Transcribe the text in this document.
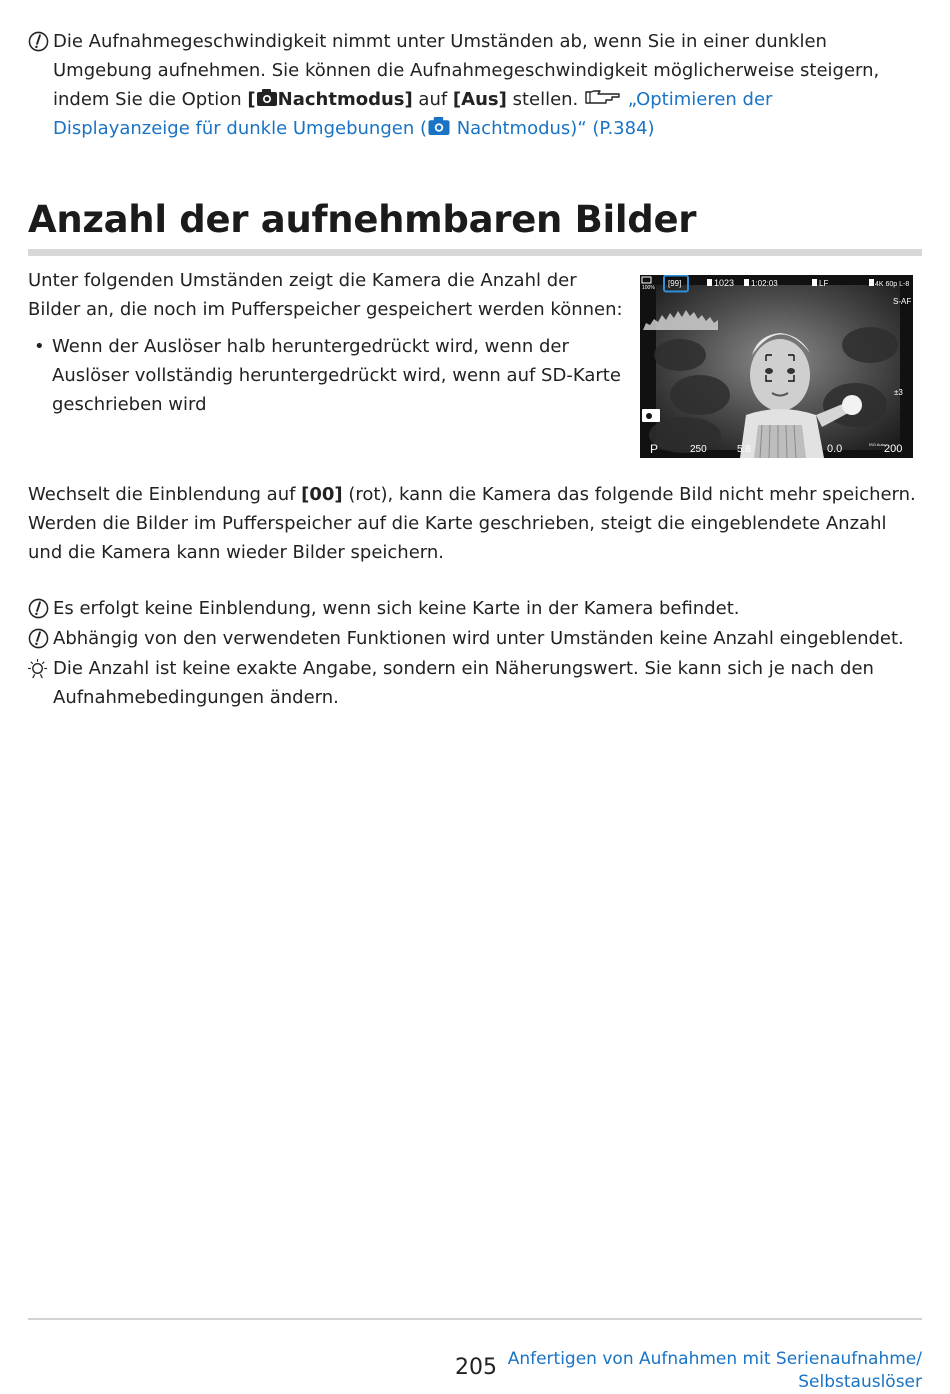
Die Aufnahmegeschwindigkeit nimmt unter Umständen ab, wenn Sie in einer dunklen Umgebung aufnehmen. Sie können die Aufnahmegeschwindigkeit möglicherweise steigern, indem Sie die Option [ Nachtmodus] auf [Aus] stellen.  „Optimieren der Displayanzeige für dunkle Umgebungen ( Nachtmodus)“ (P.384)
Anzahl der aufnehmbaren Bilder
Unter folgenden Umständen zeigt die Kamera die Anzahl der Bilder an, die noch im Pufferspeicher gespeichert werden können:
• Wenn der Auslöser halb heruntergedrückt wird, wenn der Auslöser vollständig heruntergedrückt wird, wenn auf SD-Karte geschrieben wird
100% [99]	1023 1:02:03	LF	4K 60p L-8
S-AF
±3
P	250	5.6	0.0	ISO Auto
200
Wechselt die Einblendung auf [00] (rot), kann die Kamera das folgende Bild nicht mehr speichern. Werden die Bilder im Pufferspeicher auf die Karte geschrieben, steigt die eingeblendete Anzahl und die Kamera kann wieder Bilder speichern.
Es erfolgt keine Einblendung, wenn sich keine Karte in der Kamera befindet.
Abhängig von den verwendeten Funktionen wird unter Umständen keine Anzahl eingeblendet.
Die Anzahl ist keine exakte Angabe, sondern ein Näherungswert. Sie kann sich je nach den Aufnahmebedingungen ändern.
205 Anfertigen von Aufnahmen mit Serienaufnahme/ Selbstauslöser
